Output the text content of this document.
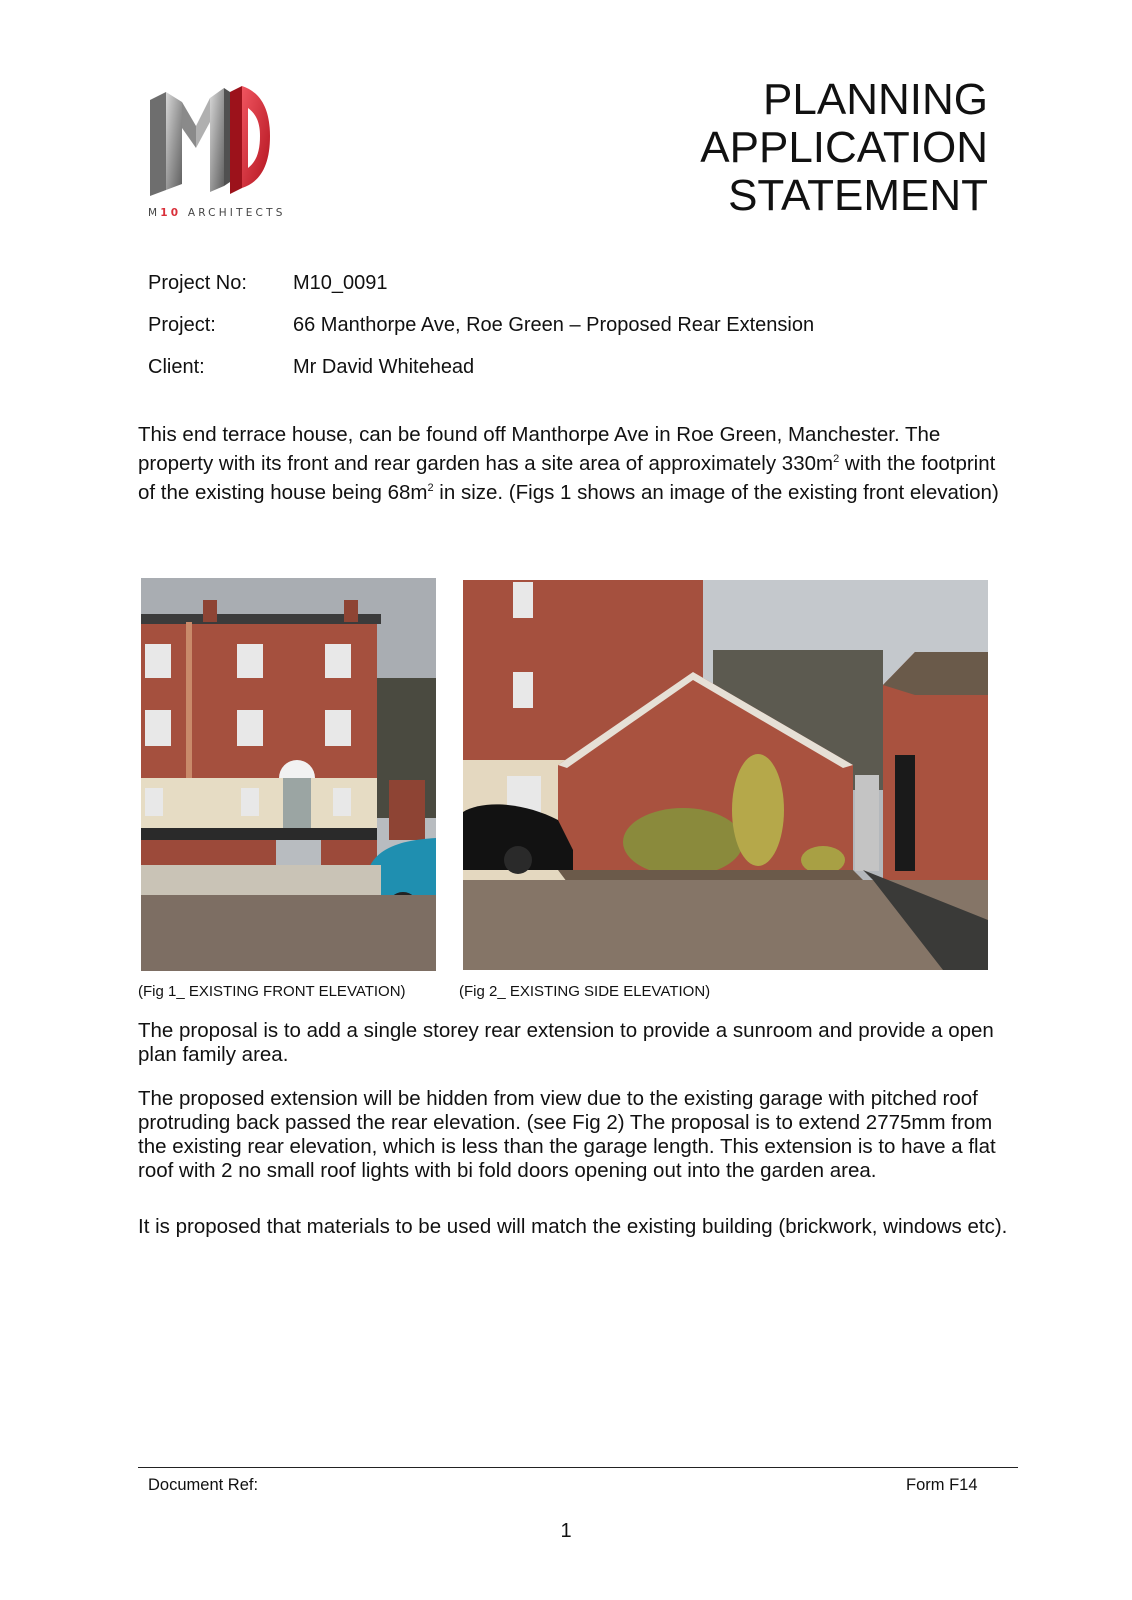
M10 ARCHITECTS
PLANNING
APPLICATION
STATEMENT
Project No: M10_0091
Project:	66 Manthorpe Ave, Roe Green – Proposed Rear Extension
Client:	Mr David Whitehead
This end terrace house, can be found off Manthorpe Ave in Roe Green, Manchester. The property with its front and rear garden has a site area of approximately $330m^2$ with the footprint of the existing house being $68m^2$ in size. (Figs 1 shows an image of the existing front elevation)
(Fig 1_ EXISTING FRONT ELEVATION)	(Fig 2_ EXISTING SIDE ELEVATION)
The proposal is to add a single storey rear extension to provide a sunroom and provide a open plan family area.
The proposed extension will be hidden from view due to the existing garage with pitched roof protruding back passed the rear elevation. (see Fig 2) The proposal is to extend 2775mm from the existing rear elevation, which is less than the garage length. This extension is to have a flat roof with 2 no small roof lights with bi fold doors opening out into the garden area.
It is proposed that materials to be used will match the existing building (brickwork, windows etc).
Document Ref:	Form F14
1
